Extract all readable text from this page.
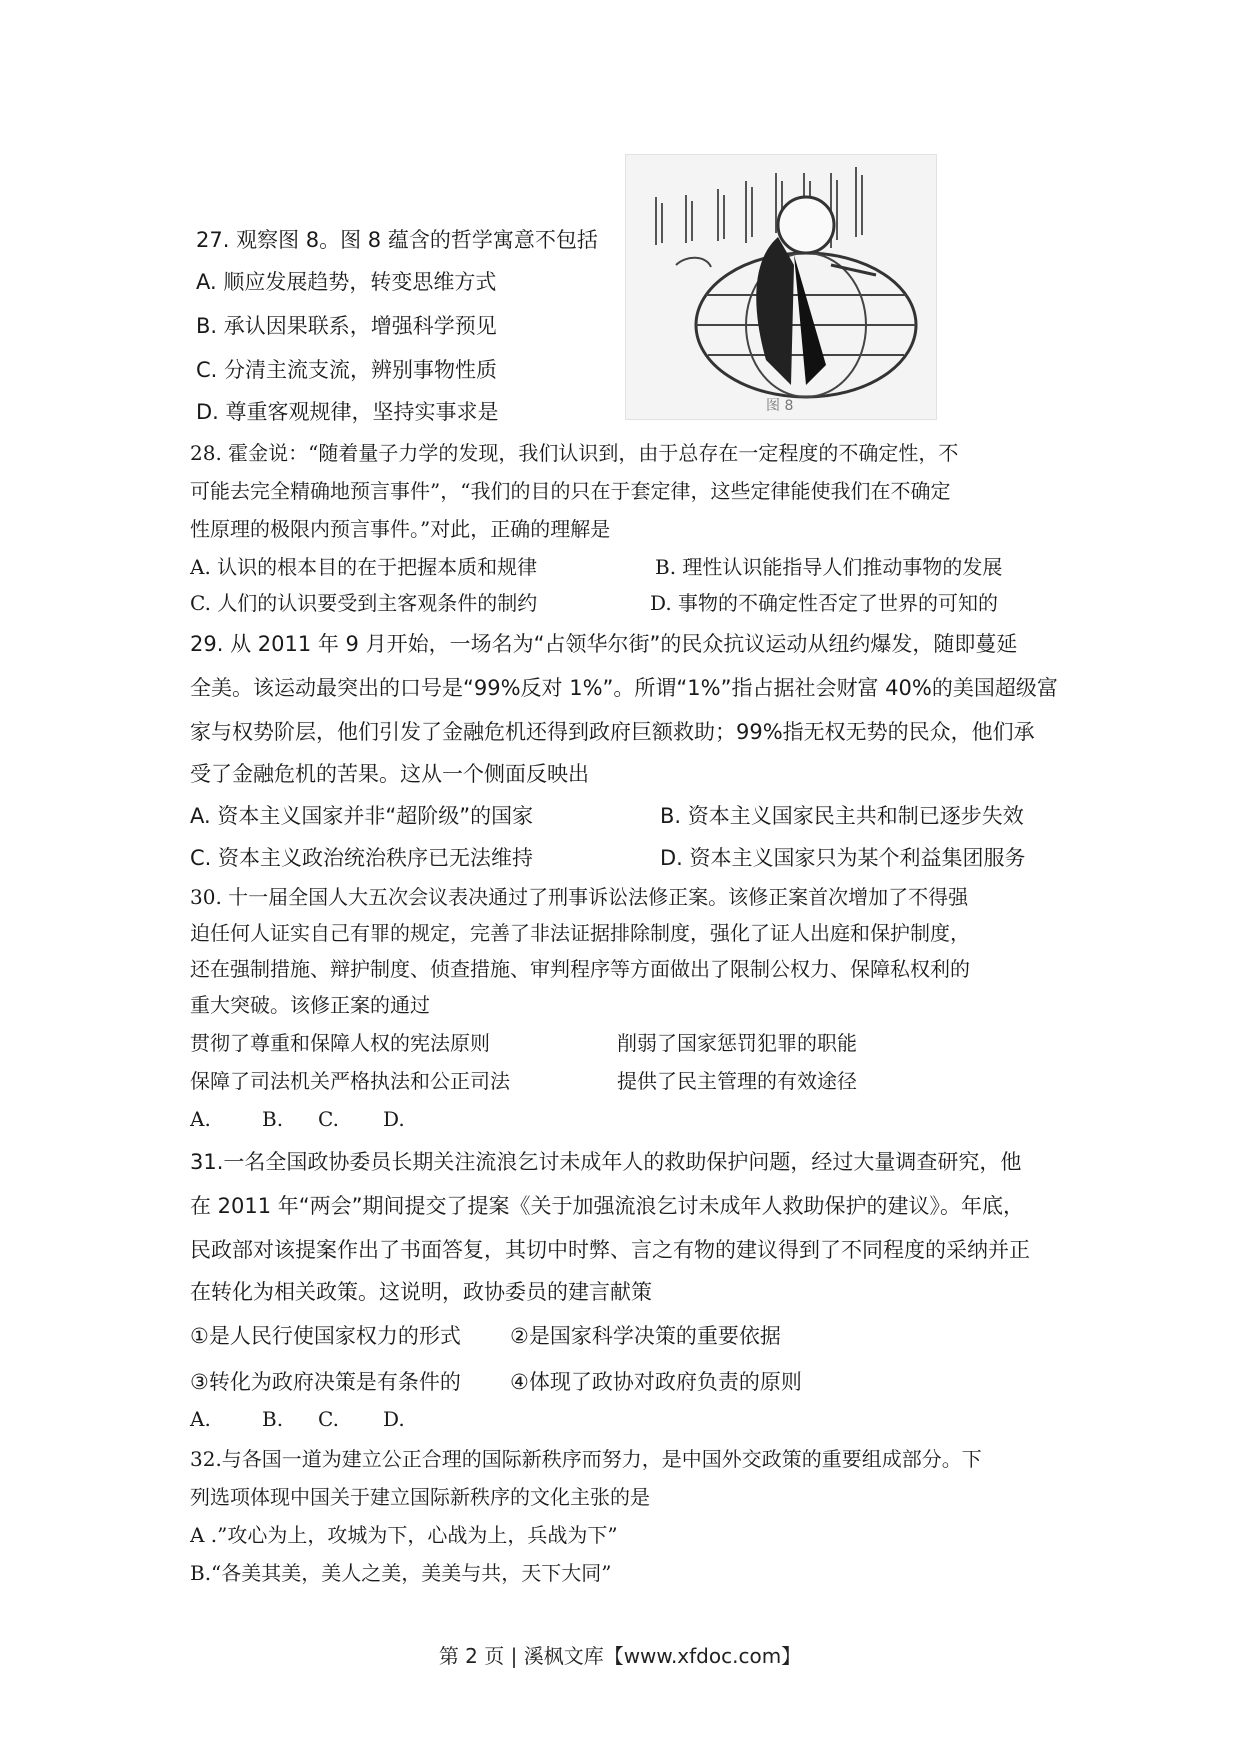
27. 观察图 8。图 8 蕴含的哲学寓意不包括
A. 顺应发展趋势，转变思维方式
B. 承认因果联系，增强科学预见
C. 分清主流支流，辨别事物性质
D. 尊重客观规律，坚持实事求是	图 8
28. 霍金说：“随着量子力学的发现，我们认识到，由于总存在一定程度的不确定性，不
可能去完全精确地预言事件”，“我们的目的只在于套定律，这些定律能使我们在不确定
性原理的极限内预言事件。”对此，正确的理解是
A. 认识的根本目的在于把握本质和规律	B. 理性认识能指导人们推动事物的发展
C. 人们的认识要受到主客观条件的制约	D. 事物的不确定性否定了世界的可知的
29. 从 2011 年 9 月开始，一场名为“占领华尔街”的民众抗议运动从纽约爆发，随即蔓延
全美。该运动最突出的口号是“99%反对 1%”。所谓“1%”指占据社会财富 40%的美国超级富
家与权势阶层，他们引发了金融危机还得到政府巨额救助；99%指无权无势的民众，他们承
受了金融危机的苦果。这从一个侧面反映出
A. 资本主义国家并非“超阶级”的国家	B. 资本主义国家民主共和制已逐步失效
C. 资本主义政治统治秩序已无法维持	D. 资本主义国家只为某个利益集团服务
30. 十一届全国人大五次会议表决通过了刑事诉讼法修正案。该修正案首次增加了不得强
迫任何人证实自己有罪的规定，完善了非法证据排除制度，强化了证人出庭和保护制度，
还在强制措施、辩护制度、侦查措施、审判程序等方面做出了限制公权力、保障私权利的
重大突破。该修正案的通过
贯彻了尊重和保障人权的宪法原则	削弱了国家惩罚犯罪的职能
保障了司法机关严格执法和公正司法	提供了民主管理的有效途径
A.	B. C. D.
31.一名全国政协委员长期关注流浪乞讨未成年人的救助保护问题，经过大量调查研究，他
在 2011 年“两会”期间提交了提案《关于加强流浪乞讨未成年人救助保护的建议》。年底，
民政部对该提案作出了书面答复，其切中时弊、言之有物的建议得到了不同程度的采纳并正
在转化为相关政策。这说明，政协委员的建言献策
①是人民行使国家权力的形式 ②是国家科学决策的重要依据
③转化为政府决策是有条件的 ④体现了政协对政府负责的原则
A.	B. C. D.
32.与各国一道为建立公正合理的国际新秩序而努力，是中国外交政策的重要组成部分。下
列选项体现中国关于建立国际新秩序的文化主张的是
A .”攻心为上，攻城为下，心战为上，兵战为下”
B.“各美其美，美人之美，美美与共，天下大同”
第 2 页 | 溪枫文库【www.xfdoc.com】
